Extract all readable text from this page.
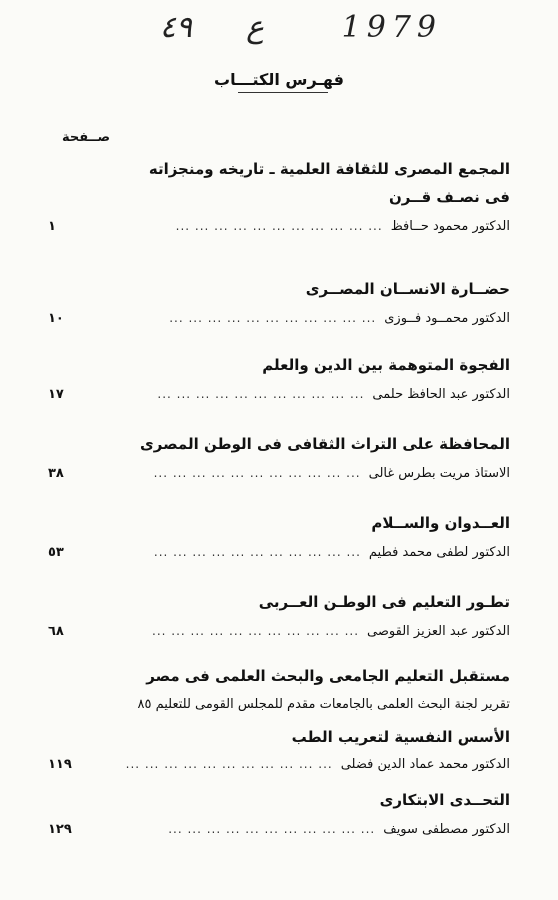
٤٩ ع	1979
فهـرس الكتـــاب
صــفحة
المجمع المصرى للثقافة العلمية ـ تاريخه ومنجزاته
فى نصـف قــرن
الدكتور محمود حــافظ
... ... ... ... ... ... ... ... ... ... ...
١
حضــارة الانســان المصــرى
الدكتور محمــود فــوزى
... ... ... ... ... ... ... ... ... ... ...
١٠
الفجوة المتوهمة بين الدين والعلم
الدكتور عبد الحافظ حلمى
... ... ... ... ... ... ... ... ... ... ...
١٧
المحافظة على التراث الثقافى فى الوطن المصرى
الاستاذ مريت بطرس غالى
... ... ... ... ... ... ... ... ... ... ...
٣٨
العــدوان والســلام
الدكتور لطفى محمد فطيم
... ... ... ... ... ... ... ... ... ... ...
٥٣
تطـور التعليم فى الوطـن العــربى
الدكتور عبد العزيز القوصى
... ... ... ... ... ... ... ... ... ... ...
٦٨
مستقبل التعليم الجامعى والبحث العلمى فى مصر
تقرير لجنة البحث العلمى بالجامعات مقدم للمجلس القومى للتعليم ٨٥
الأسس النفسية لتعريب الطب
الدكتور محمد عماد الدين فضلى
... ... ... ... ... ... ... ... ... ... ...
١١٩
التحــدى الابتكارى
الدكتور مصطفى سويف
... ... ... ... ... ... ... ... ... ... ...
١٢٩
